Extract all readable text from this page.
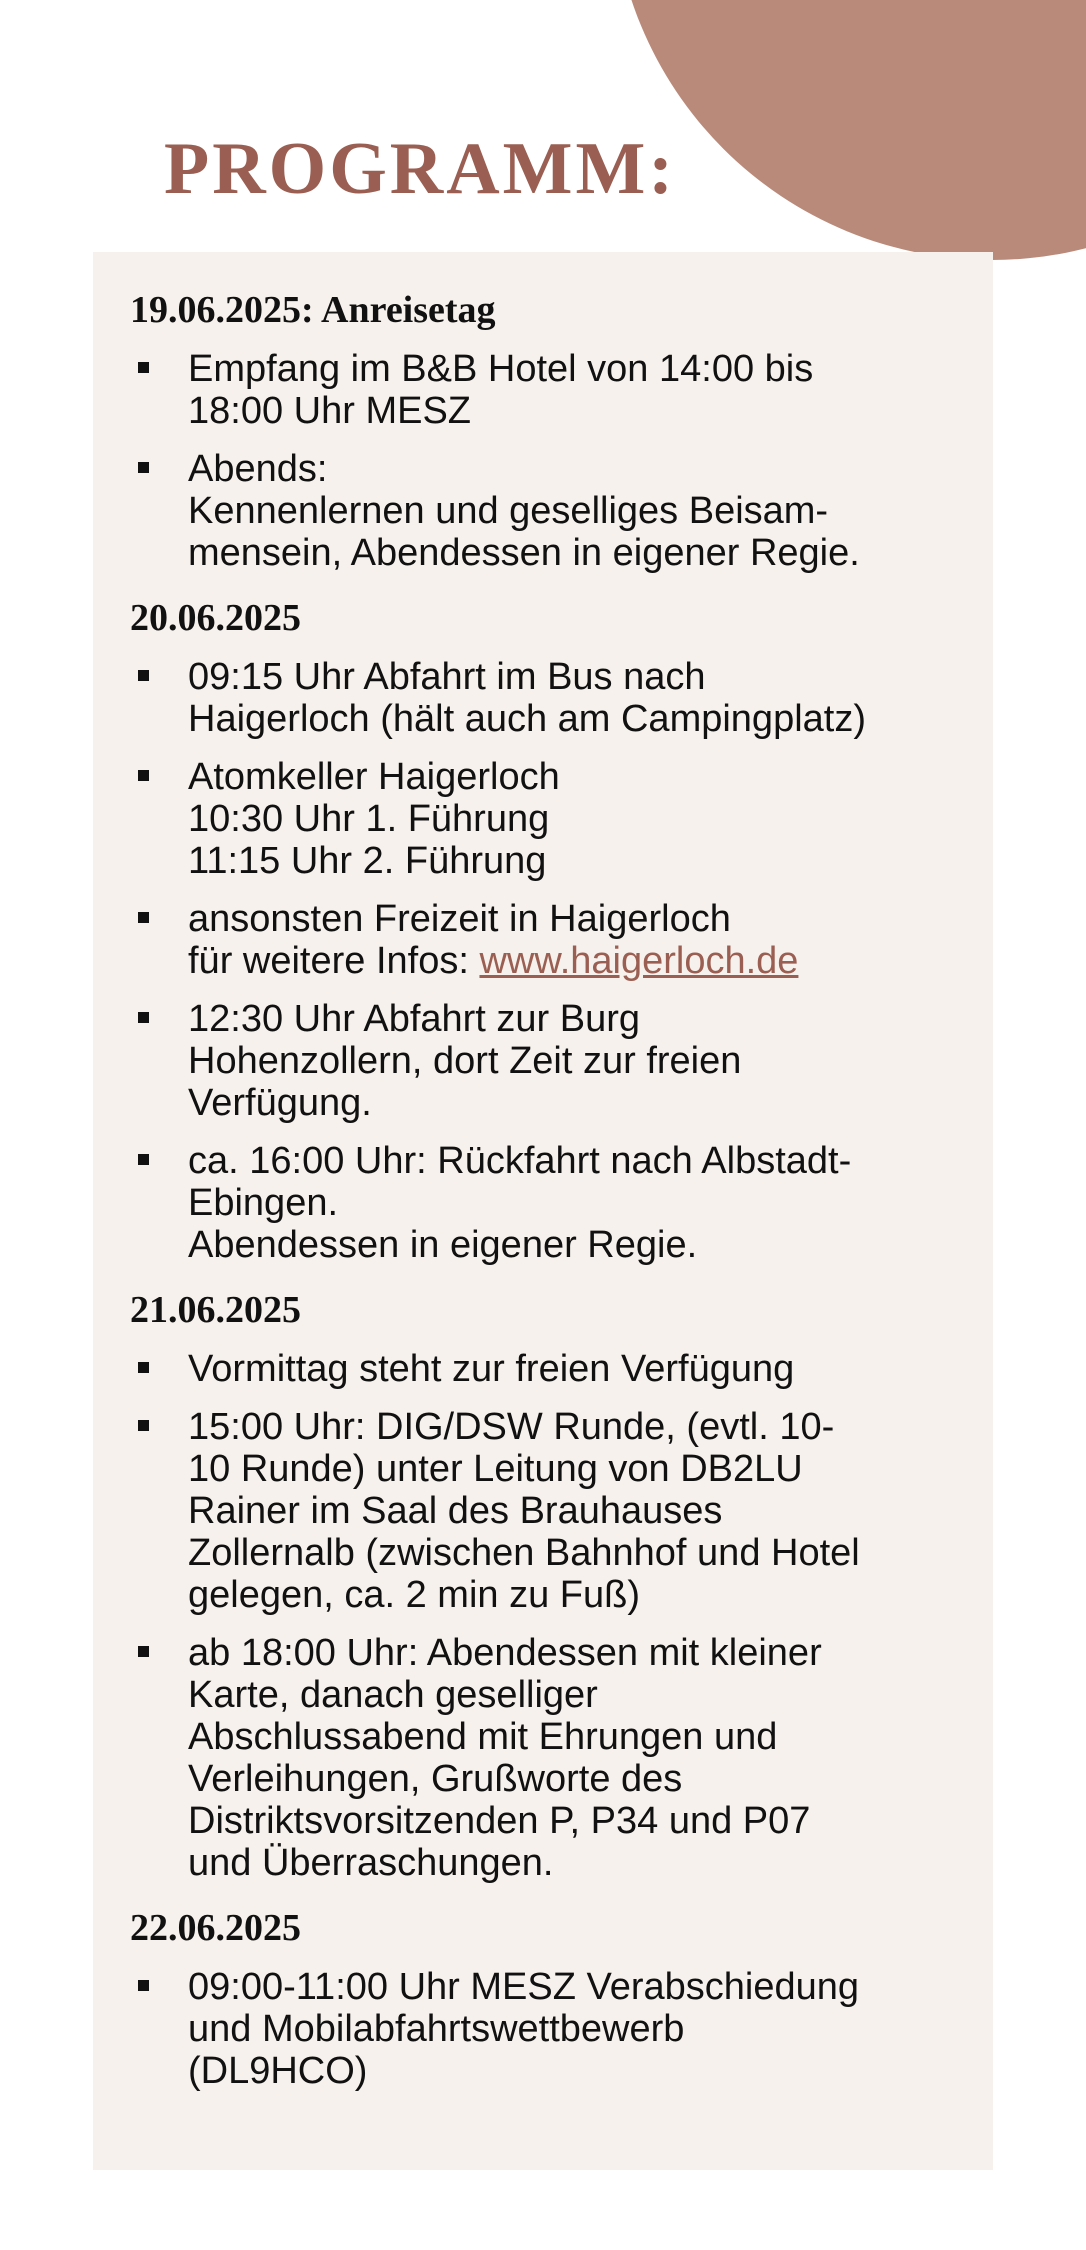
PROGRAMM:
19.06.2025: Anreisetag
Empfang im B&B Hotel von 14:00 bis
18:00 Uhr MESZ
Abends:
Kennenlernen und geselliges Beisam-
mensein, Abendessen in eigener Regie.
20.06.2025
09:15 Uhr Abfahrt im Bus nach
Haigerloch (hält auch am Campingplatz)
Atomkeller Haigerloch
10:30 Uhr 1. Führung
11:15 Uhr 2. Führung
ansonsten Freizeit in Haigerloch
für weitere Infos: www.haigerloch.de
12:30 Uhr Abfahrt zur Burg
Hohenzollern, dort Zeit zur freien
Verfügung.
ca. 16:00 Uhr: Rückfahrt nach Albstadt-
Ebingen.
Abendessen in eigener Regie.
21.06.2025
Vormittag steht zur freien Verfügung
15:00 Uhr: DIG/DSW Runde, (evtl. 10-
10 Runde) unter Leitung von DB2LU
Rainer im Saal des Brauhauses
Zollernalb (zwischen Bahnhof und Hotel
gelegen, ca. 2 min zu Fuß)
ab 18:00 Uhr: Abendessen mit kleiner
Karte, danach geselliger
Abschlussabend mit Ehrungen und
Verleihungen, Grußworte des
Distriktsvorsitzenden P, P34 und P07
und Überraschungen.
22.06.2025
09:00-11:00 Uhr MESZ Verabschiedung
und Mobilabfahrtswettbewerb
(DL9HCO)
